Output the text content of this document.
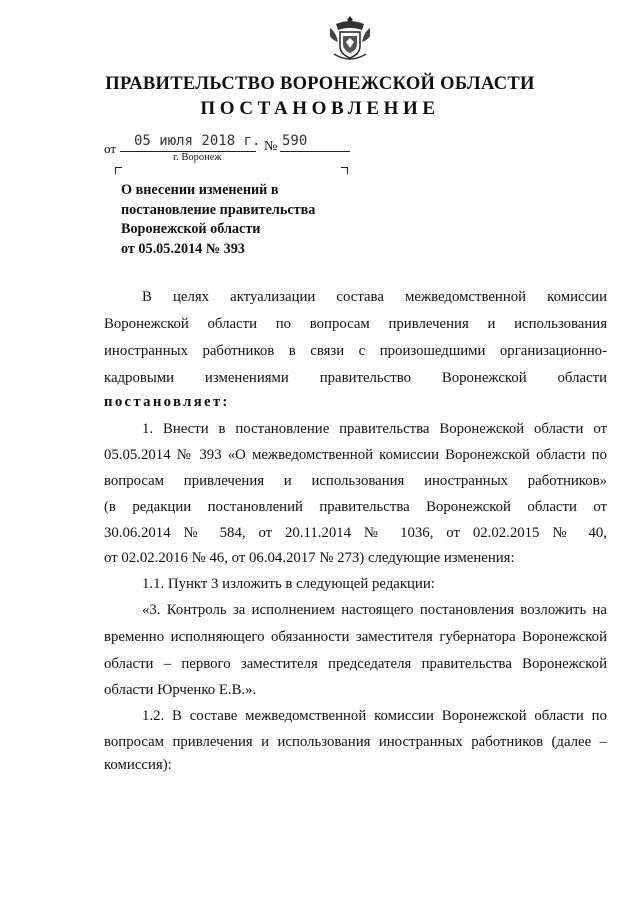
ПРАВИТЕЛЬСТВО ВОРОНЕЖСКОЙ ОБЛАСТИ
ПОСТАНОВЛЕНИЕ
от 05 июля 2018 г. № 590
г. Воронеж
О внесении изменений в
постановление правительства
Воронежской области
от 05.05.2014 № 393
В целях актуализации состава межведомственной комиссии
Воронежской области по вопросам привлечения и использования
иностранных работников в связи с произошедшими организационно-
кадровыми изменениями правительство Воронежской области
постановляет:
1. Внести в постановление правительства Воронежской области от
05.05.2014 № 393 «О межведомственной комиссии Воронежской области по
вопросам привлечения и использования иностранных работников»
(в редакции постановлений правительства Воронежской области от
30.06.2014 № 584, от 20.11.2014 № 1036, от 02.02.2015 № 40,
от 02.02.2016 № 46, от 06.04.2017 № 273) следующие изменения:
1.1. Пункт 3 изложить в следующей редакции:
«3. Контроль за исполнением настоящего постановления возложить на
временно исполняющего обязанности заместителя губернатора Воронежской
области – первого заместителя председателя правительства Воронежской
области Юрченко Е.В.».
1.2. В составе межведомственной комиссии Воронежской области по
вопросам привлечения и использования иностранных работников (далее –
комиссия):
